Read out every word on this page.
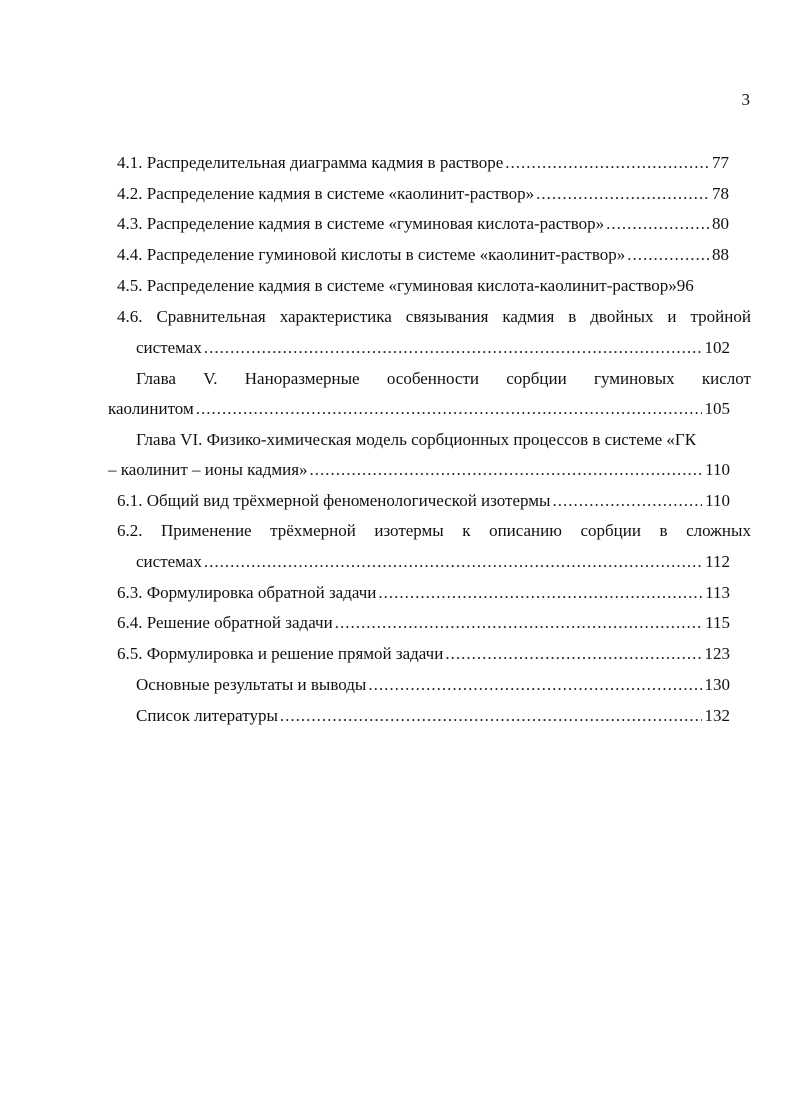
3
4.1. Распределительная диаграмма кадмия в растворе .....	77
4.2. Распределение кадмия в системе «каолинит-раствор» .....	78
4.3. Распределение кадмия в системе «гуминовая кислота-раствор» .....	80
4.4. Распределение гуминовой кислоты в системе «каолинит-раствор» .....	88
4.5. Распределение кадмия в системе «гуминовая кислота-каолинит-раствор»96
4.6. Сравнительная характеристика связывания кадмия в двойных и тройной
системах .....	102
Глава V. Наноразмерные особенности сорбции гуминовых кислот
каолинитом .....	105
Глава VI. Физико-химическая модель сорбционных процессов в системе «ГК
– каолинит – ионы кадмия» .....	110
6.1. Общий вид трёхмерной феноменологической изотермы .....	110
6.2. Применение трёхмерной изотермы к описанию сорбции в сложных
системах .....	112
6.3. Формулировка обратной задачи .....	113
6.4. Решение обратной задачи .....	115
6.5. Формулировка и решение прямой задачи .....	123
Основные результаты и выводы .....	130
Список литературы .....	132
